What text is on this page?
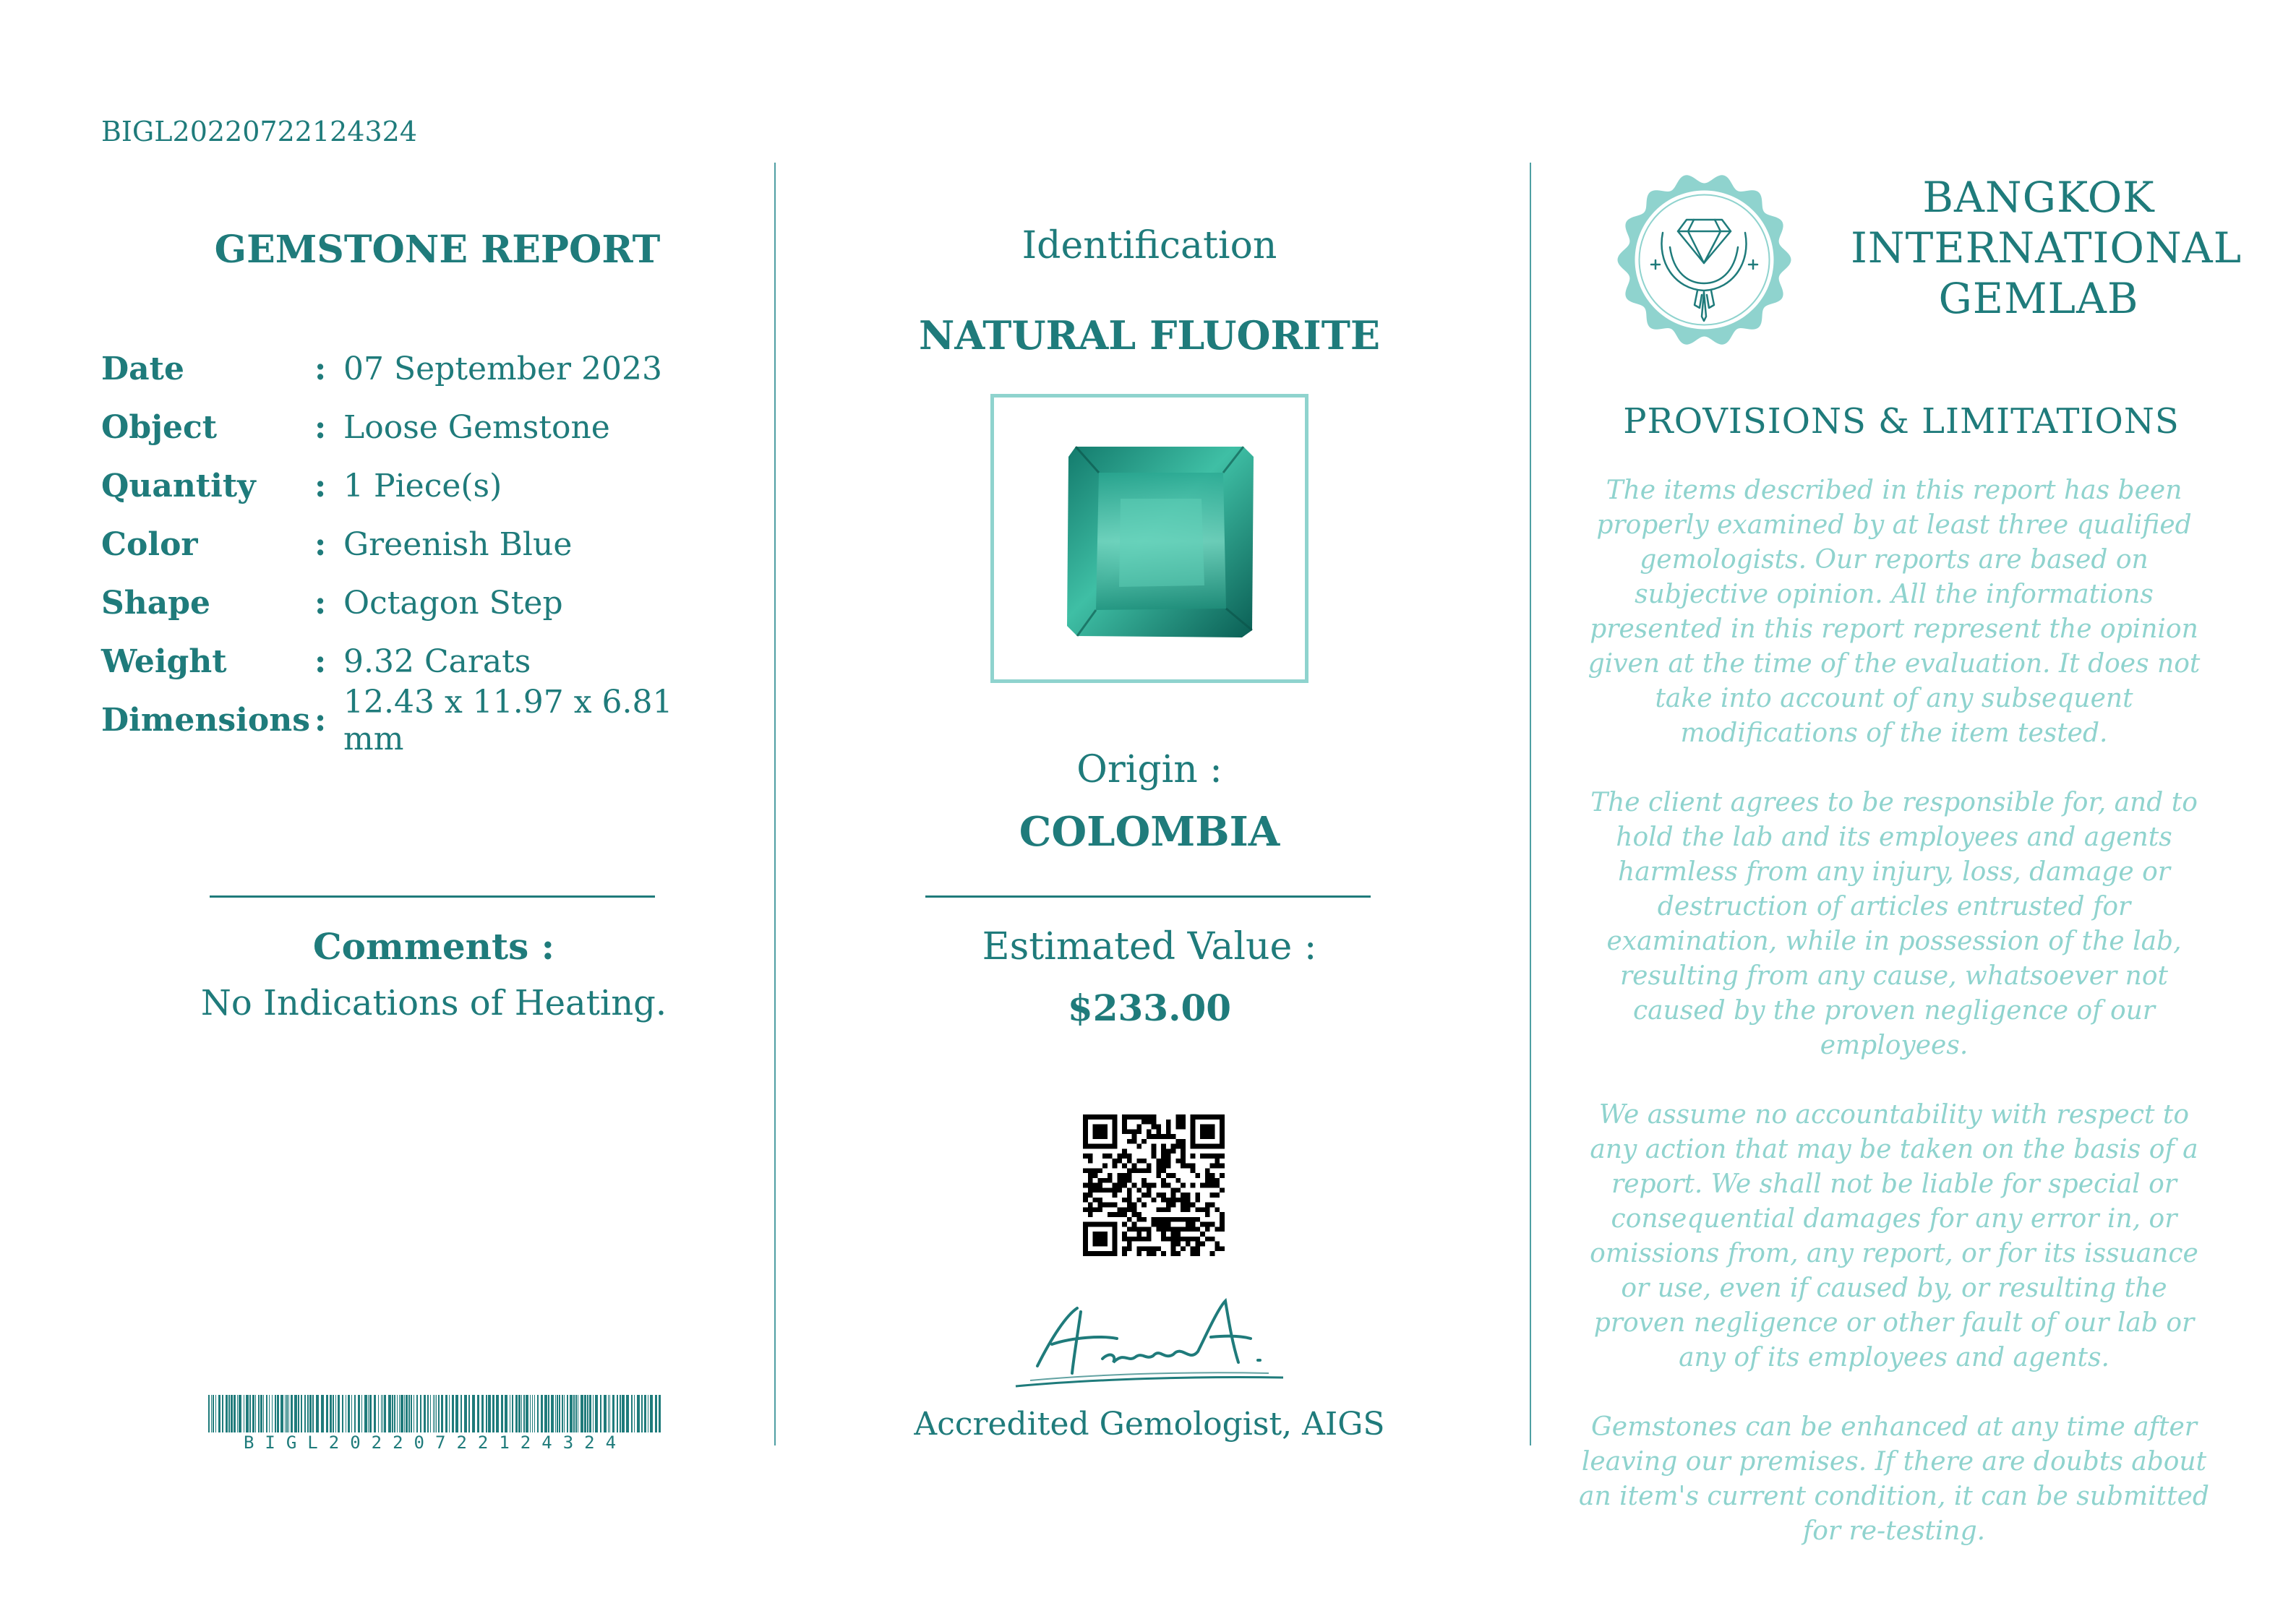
BIGL20220722124324
GEMSTONE REPORT
Date	: 07 September 2023
Object	: Loose Gemstone
Quantity	: 1 Piece(s)
Color	: Greenish Blue
Shape	: Octagon Step
Weight	: 9.32 Carats
Dimensions : 12.43 x 11.97 x 6.81 mm
Comments :
No Indications of Heating.
BIGL20220722124324
Identification
NATURAL FLUORITE
Origin :
COLOMBIA
Estimated Value :
$233.00
Accredited Gemologist, AIGS
BANGKOK
INTERNATIONAL
GEMLAB
PROVISIONS & LIMITATIONS

The items described in this report has been properly examined by at least three qualified gemologists. Our reports are based on subjective opinion. All the informations presented in this report represent the opinion given at the time of the evaluation. It does not take into account of any subsequent modifications of the item tested.

The client agrees to be responsible for, and to hold the lab and its employees and agents harmless from any injury, loss, damage or destruction of articles entrusted for examination, while in possession of the lab, resulting from any cause, whatsoever not caused by the proven negligence of our employees.

We assume no accountability with respect to any action that may be taken on the basis of a report. We shall not be liable for special or consequential damages for any error in, or omissions from, any report, or for its issuance or use, even if caused by, or resulting the proven negligence or other fault of our lab or any of its employees and agents.

Gemstones can be enhanced at any time after leaving our premises. If there are doubts about an item's current condition, it can be submitted for re-testing.
